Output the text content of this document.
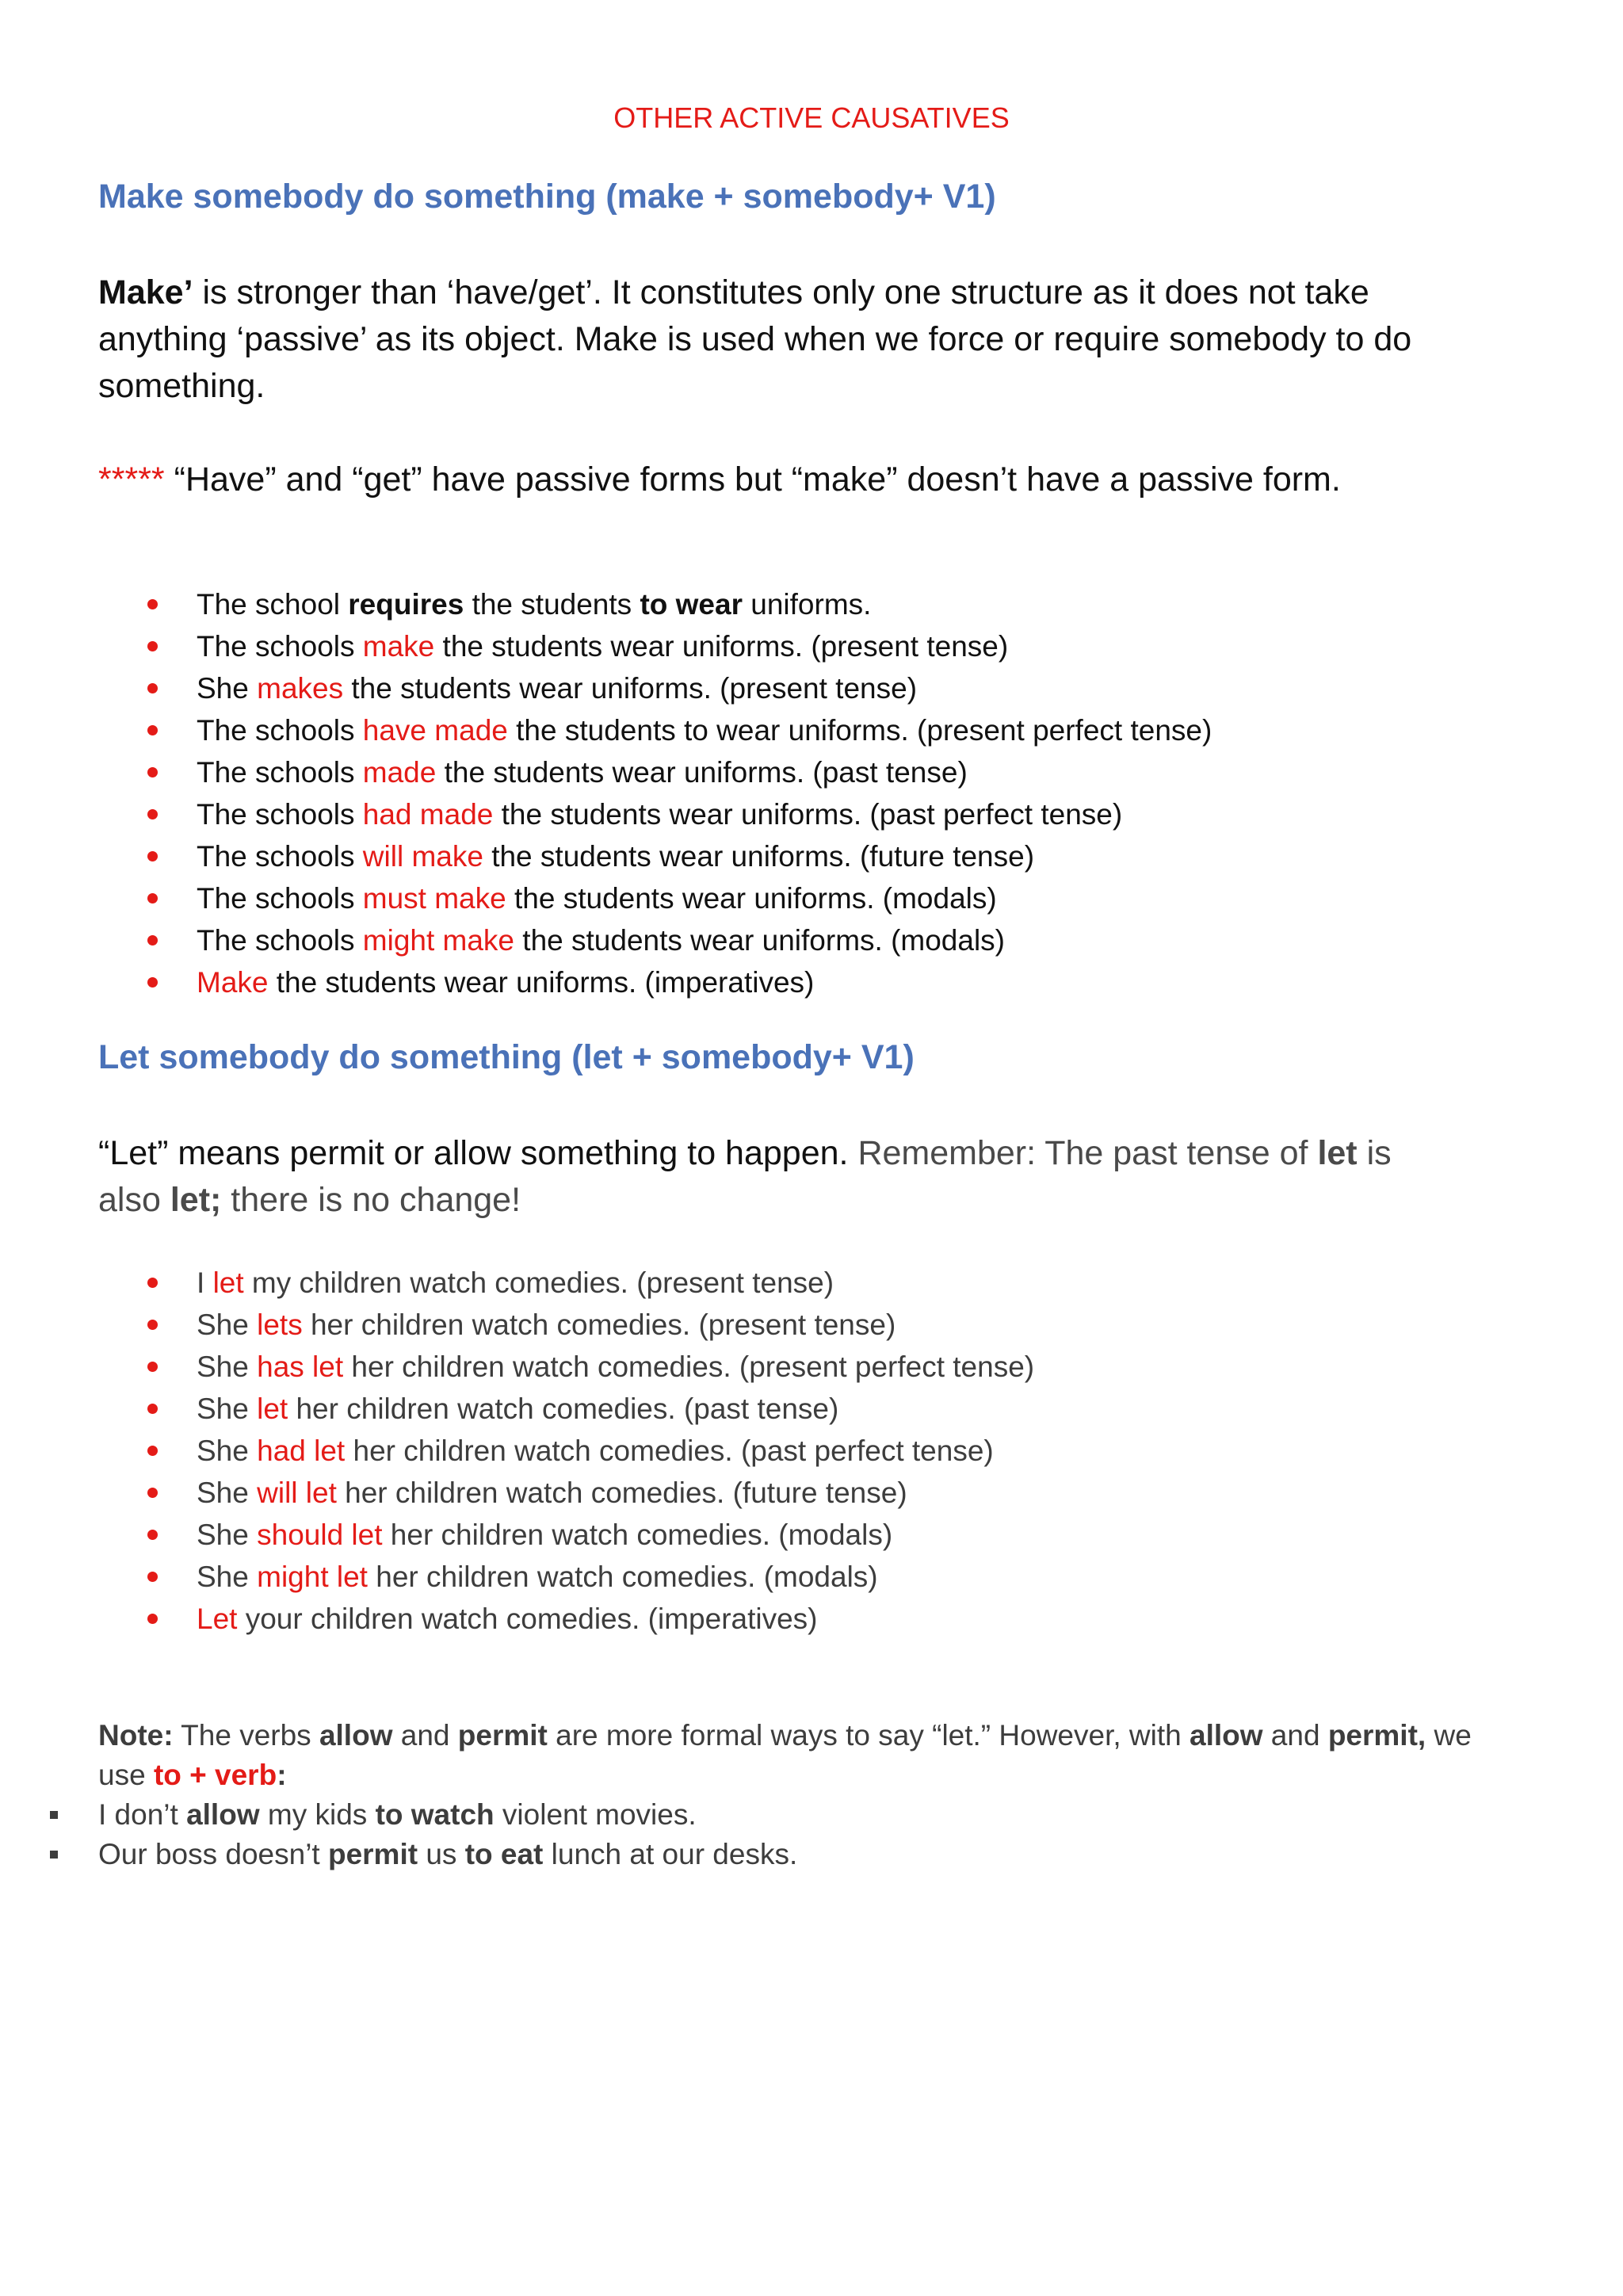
OTHER ACTIVE CAUSATIVES
Make somebody do something (make + somebody+ V1)
Make’ is stronger than ‘have/get’. It constitutes only one structure as it does not take
anything ‘passive’ as its object. Make is used when we force or require somebody to do
something.
***** “Have” and “get” have passive forms but “make” doesn’t have a passive form.
The school requires the students to wear uniforms.
The schools make the students wear uniforms. (present tense)
She makes the students wear uniforms. (present tense)
The schools have made the students to wear uniforms. (present perfect tense)
The schools made the students wear uniforms. (past tense)
The schools had made the students wear uniforms. (past perfect tense)
The schools will make the students wear uniforms. (future tense)
The schools must make the students wear uniforms. (modals)
The schools might make the students wear uniforms. (modals)
Make the students wear uniforms. (imperatives)
Let somebody do something (let + somebody+ V1)
“Let” means permit or allow something to happen. Remember: The past tense of let is
also let; there is no change!
I let my children watch comedies. (present tense)
She lets her children watch comedies. (present tense)
She has let her children watch comedies. (present perfect tense)
She let her children watch comedies. (past tense)
She had let her children watch comedies. (past perfect tense)
She will let her children watch comedies. (future tense)
She should let her children watch comedies. (modals)
She might let her children watch comedies. (modals)
Let your children watch comedies. (imperatives)
Note: The verbs allow and permit are more formal ways to say “let.” However, with allow and permit, we
use to + verb:
I don’t allow my kids to watch violent movies.
Our boss doesn’t permit us to eat lunch at our desks.
